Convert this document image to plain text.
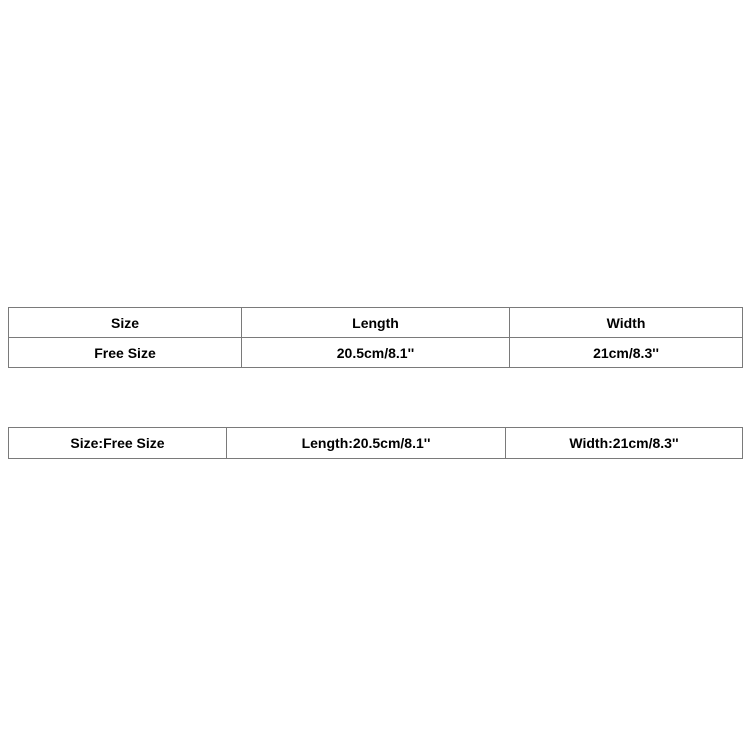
Size	Length	Width
Free Size	20.5cm/8.1''	21cm/8.3''
Size:Free Size	Length:20.5cm/8.1''	Width:21cm/8.3''
